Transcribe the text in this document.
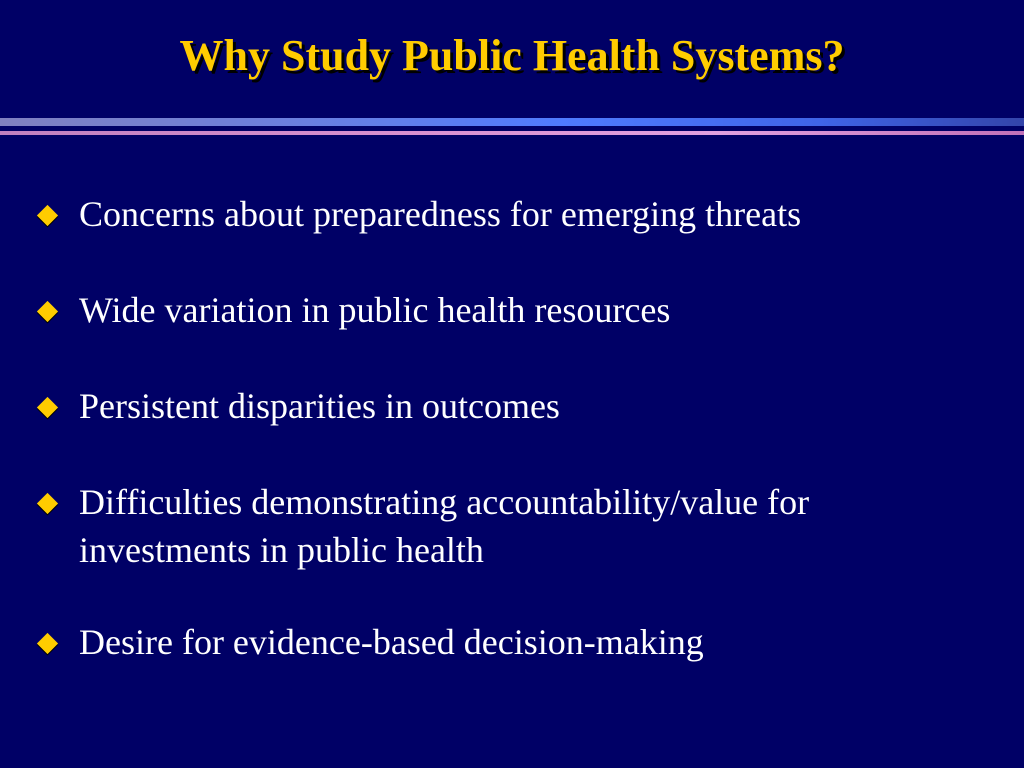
Why Study Public Health Systems?
Concerns about preparedness for emerging threats
Wide variation in public health resources
Persistent disparities in outcomes
Difficulties demonstrating accountability/value for investments in public health
Desire for evidence-based decision-making
